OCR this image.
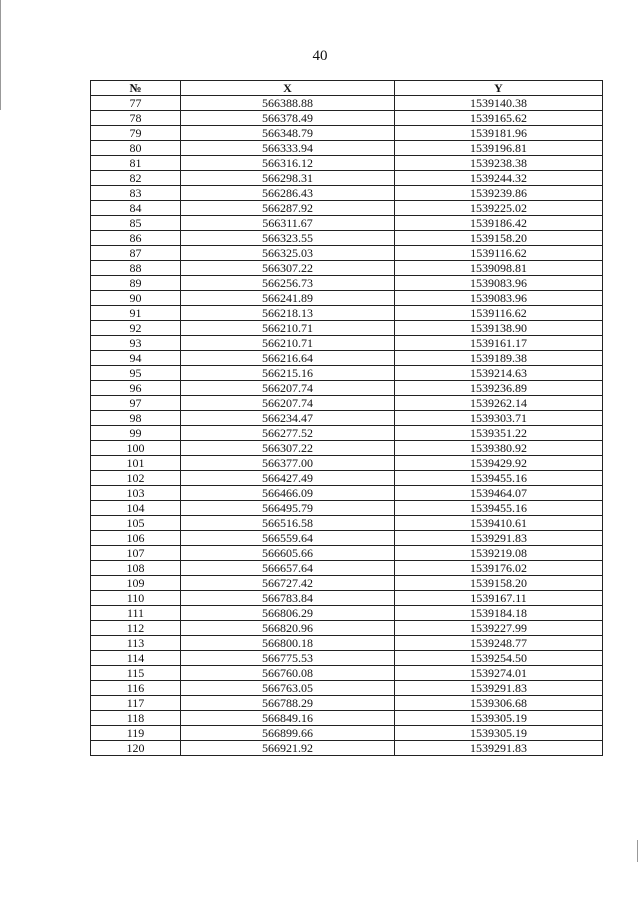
40
№	X	Y
77	566388.88	1539140.38
78	566378.49	1539165.62
79	566348.79	1539181.96
80	566333.94	1539196.81
81	566316.12	1539238.38
82	566298.31	1539244.32
83	566286.43	1539239.86
84	566287.92	1539225.02
85	566311.67	1539186.42
86	566323.55	1539158.20
87	566325.03	1539116.62
88	566307.22	1539098.81
89	566256.73	1539083.96
90	566241.89	1539083.96
91	566218.13	1539116.62
92	566210.71	1539138.90
93	566210.71	1539161.17
94	566216.64	1539189.38
95	566215.16	1539214.63
96	566207.74	1539236.89
97	566207.74	1539262.14
98	566234.47	1539303.71
99	566277.52	1539351.22
100	566307.22	1539380.92
101	566377.00	1539429.92
102	566427.49	1539455.16
103	566466.09	1539464.07
104	566495.79	1539455.16
105	566516.58	1539410.61
106	566559.64	1539291.83
107	566605.66	1539219.08
108	566657.64	1539176.02
109	566727.42	1539158.20
110	566783.84	1539167.11
111	566806.29	1539184.18
112	566820.96	1539227.99
113	566800.18	1539248.77
114	566775.53	1539254.50
115	566760.08	1539274.01
116	566763.05	1539291.83
117	566788.29	1539306.68
118	566849.16	1539305.19
119	566899.66	1539305.19
120	566921.92	1539291.83
